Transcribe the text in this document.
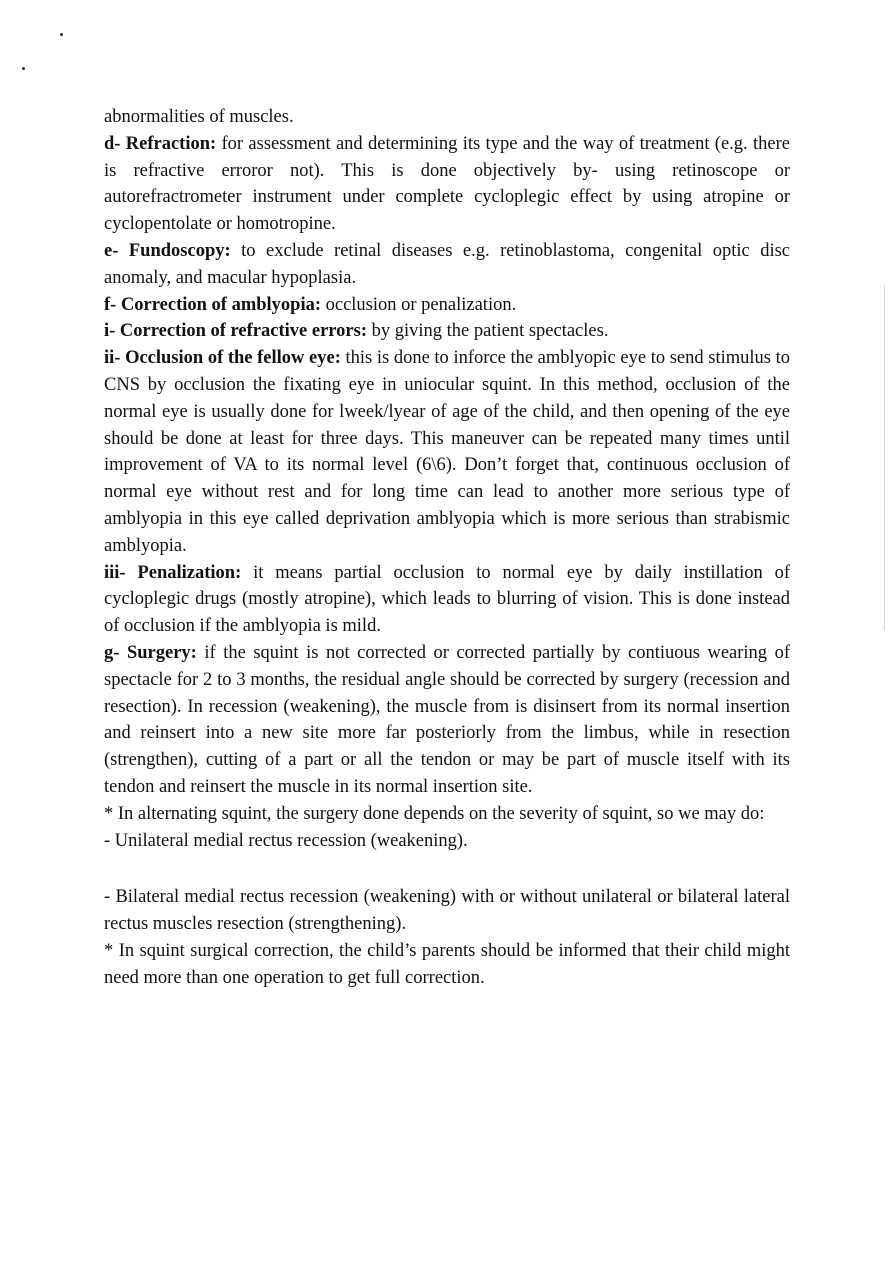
abnormalities of muscles.

d- Refraction: for assessment and determining its type and the way of treatment (e.g. there is refractive erroror not). This is done objectively by- using retinoscope or autorefractrometer instrument under complete cycloplegic effect by using atropine or cyclopentolate or homotropine.

e- Fundoscopy: to exclude retinal diseases e.g. retinoblastoma, congenital optic disc anomaly, and macular hypoplasia.

f- Correction of amblyopia: occlusion or penalization.

i- Correction of refractive errors: by giving the patient spectacles.

ii- Occlusion of the fellow eye: this is done to inforce the amblyopic eye to send stimulus to CNS by occlusion the fixating eye in uniocular squint. In this method, occlusion of the normal eye is usually done for lweek/lyear of age of the child, and then opening of the eye should be done at least for three days. This maneuver can be repeated many times until improvement of VA to its normal level (6\6). Don’t forget that, continuous occlusion of normal eye without rest and for long time can lead to another more serious type of amblyopia in this eye called deprivation amblyopia which is more serious than strabismic amblyopia.

iii- Penalization: it means partial occlusion to normal eye by daily instillation of cycloplegic drugs (mostly atropine), which leads to blurring of vision. This is done instead of occlusion if the amblyopia is mild.

g- Surgery: if the squint is not corrected or corrected partially by contiuous wearing of spectacle for 2 to 3 months, the residual angle should be corrected by surgery (recession and resection). In recession (weakening), the muscle from is disinsert from its normal insertion and reinsert into a new site more far posteriorly from the limbus, while in resection (strengthen), cutting of a part or all the tendon or may be part of muscle itself with its tendon and reinsert the muscle in its normal insertion site.

* In alternating squint, the surgery done depends on the severity of squint, so we may do:

- Unilateral medial rectus recession (weakening).

- Bilateral medial rectus recession (weakening) with or without unilateral or bilateral lateral rectus muscles resection (strengthening).

* In squint surgical correction, the child’s parents should be informed that their child might need more than one operation to get full correction.
